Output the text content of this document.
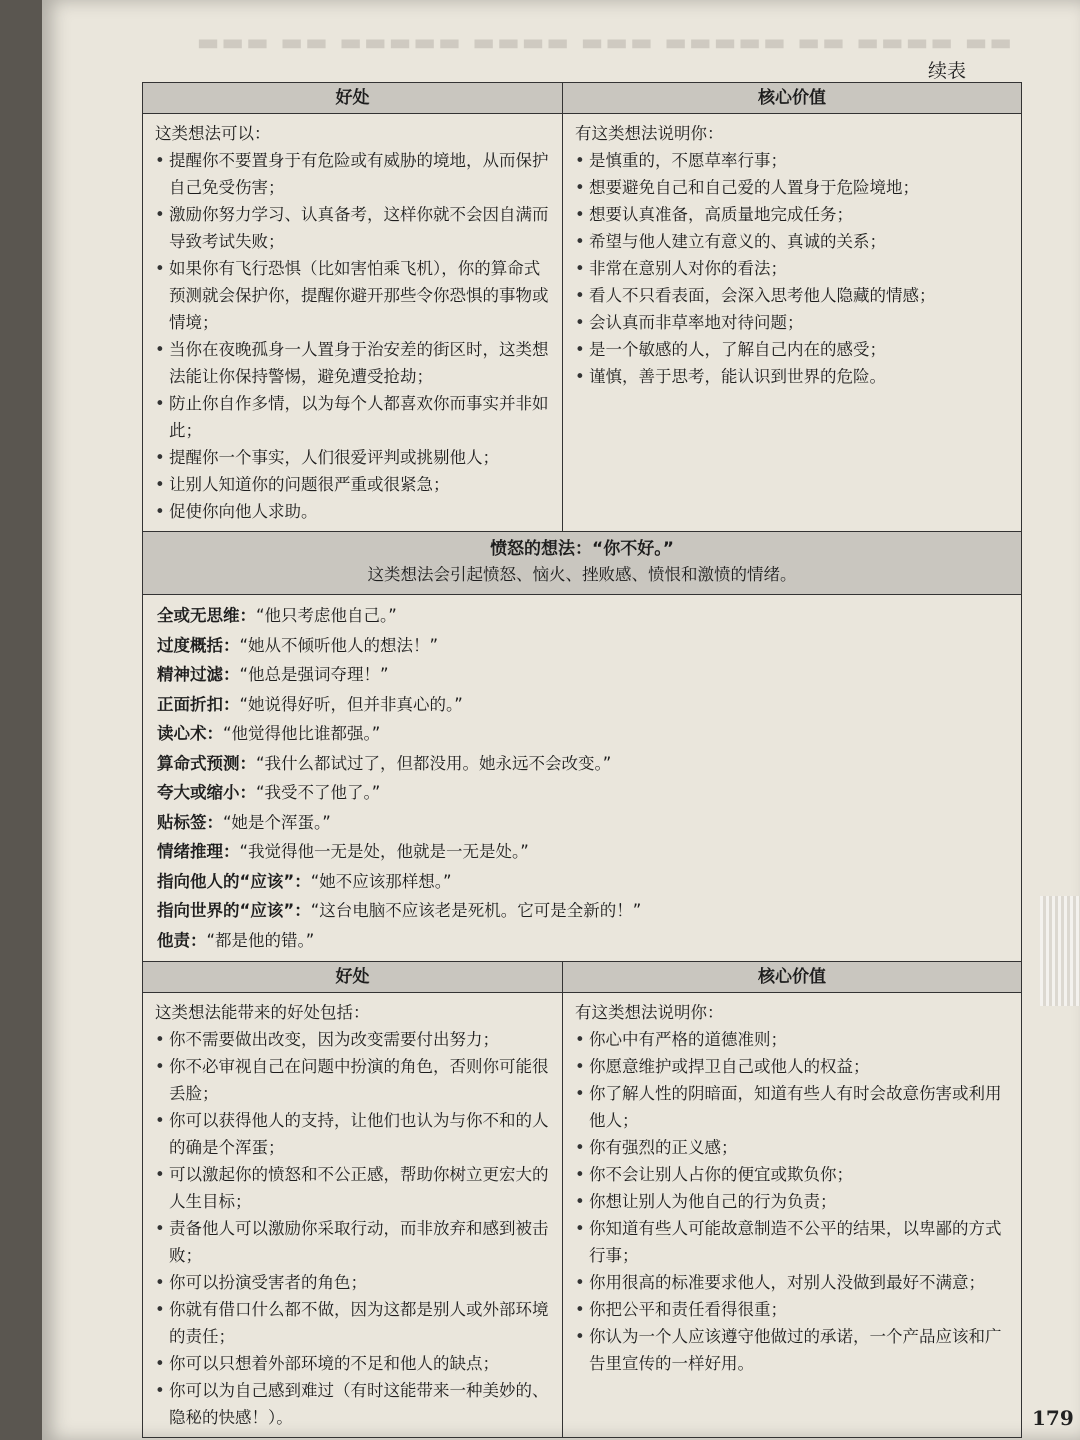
▬▬ ▬▬▬▬ ▬▬ ▬▬▬▬▬ ▬▬▬ ▬▬▬▬ ▬▬▬▬▬ ▬▬ ▬▬▬
续表
好处

这类想法可以：

• 提醒你不要置身于有危险或有威胁的境地，从而保护自己免受伤害；
• 激励你努力学习、认真备考，这样你就不会因自满而导致考试失败；
• 如果你有飞行恐惧（比如害怕乘飞机），你的算命式预测就会保护你，提醒你避开那些令你恐惧的事物或情境；
• 当你在夜晚孤身一人置身于治安差的街区时，这类想法能让你保持警惕，避免遭受抢劫；
• 防止你自作多情，以为每个人都喜欢你而事实并非如此；
• 提醒你一个事实，人们很爱评判或挑剔他人；
• 让别人知道你的问题很严重或很紧急；
• 促使你向他人求助。
核心价值

有这类想法说明你：

• 是慎重的，不愿草率行事；
• 想要避免自己和自己爱的人置身于危险境地；
• 想要认真准备，高质量地完成任务；
• 希望与他人建立有意义的、真诚的关系；
• 非常在意别人对你的看法；
• 看人不只看表面，会深入思考他人隐藏的情感；
• 会认真而非草率地对待问题；
• 是一个敏感的人，了解自己内在的感受；
• 谨慎，善于思考，能认识到世界的危险。
愤怒的想法：“你不好。”
这类想法会引起愤怒、恼火、挫败感、愤恨和激愤的情绪。
全或无思维：“他只考虑他自己。”
过度概括：“她从不倾听他人的想法！”
精神过滤：“他总是强词夺理！”
正面折扣：“她说得好听，但并非真心的。”
读心术：“他觉得他比谁都强。”
算命式预测：“我什么都试过了，但都没用。她永远不会改变。”
夸大或缩小：“我受不了他了。”
贴标签：“她是个浑蛋。”
情绪推理：“我觉得他一无是处，他就是一无是处。”
指向他人的“应该”：“她不应该那样想。”
指向世界的“应该”：“这台电脑不应该老是死机。它可是全新的！”
他责：“都是他的错。”
好处

这类想法能带来的好处包括：

• 你不需要做出改变，因为改变需要付出努力；
• 你不必审视自己在问题中扮演的角色，否则你可能很丢脸；
• 你可以获得他人的支持，让他们也认为与你不和的人的确是个浑蛋；
• 可以激起你的愤怒和不公正感，帮助你树立更宏大的人生目标；
• 责备他人可以激励你采取行动，而非放弃和感到被击败；
• 你可以扮演受害者的角色；
• 你就有借口什么都不做，因为这都是别人或外部环境的责任；
• 你可以只想着外部环境的不足和他人的缺点；
• 你可以为自己感到难过（有时这能带来一种美妙的、隐秘的快感！）。
核心价值

有这类想法说明你：

• 你心中有严格的道德准则；
• 你愿意维护或捍卫自己或他人的权益；
• 你了解人性的阴暗面，知道有些人有时会故意伤害或利用他人；
• 你有强烈的正义感；
• 你不会让别人占你的便宜或欺负你；
• 你想让别人为他自己的行为负责；
• 你知道有些人可能故意制造不公平的结果，以卑鄙的方式行事；
• 你用很高的标准要求他人，对别人没做到最好不满意；
• 你把公平和责任看得很重；
• 你认为一个人应该遵守他做过的承诺，一个产品应该和广告里宣传的一样好用。
179
